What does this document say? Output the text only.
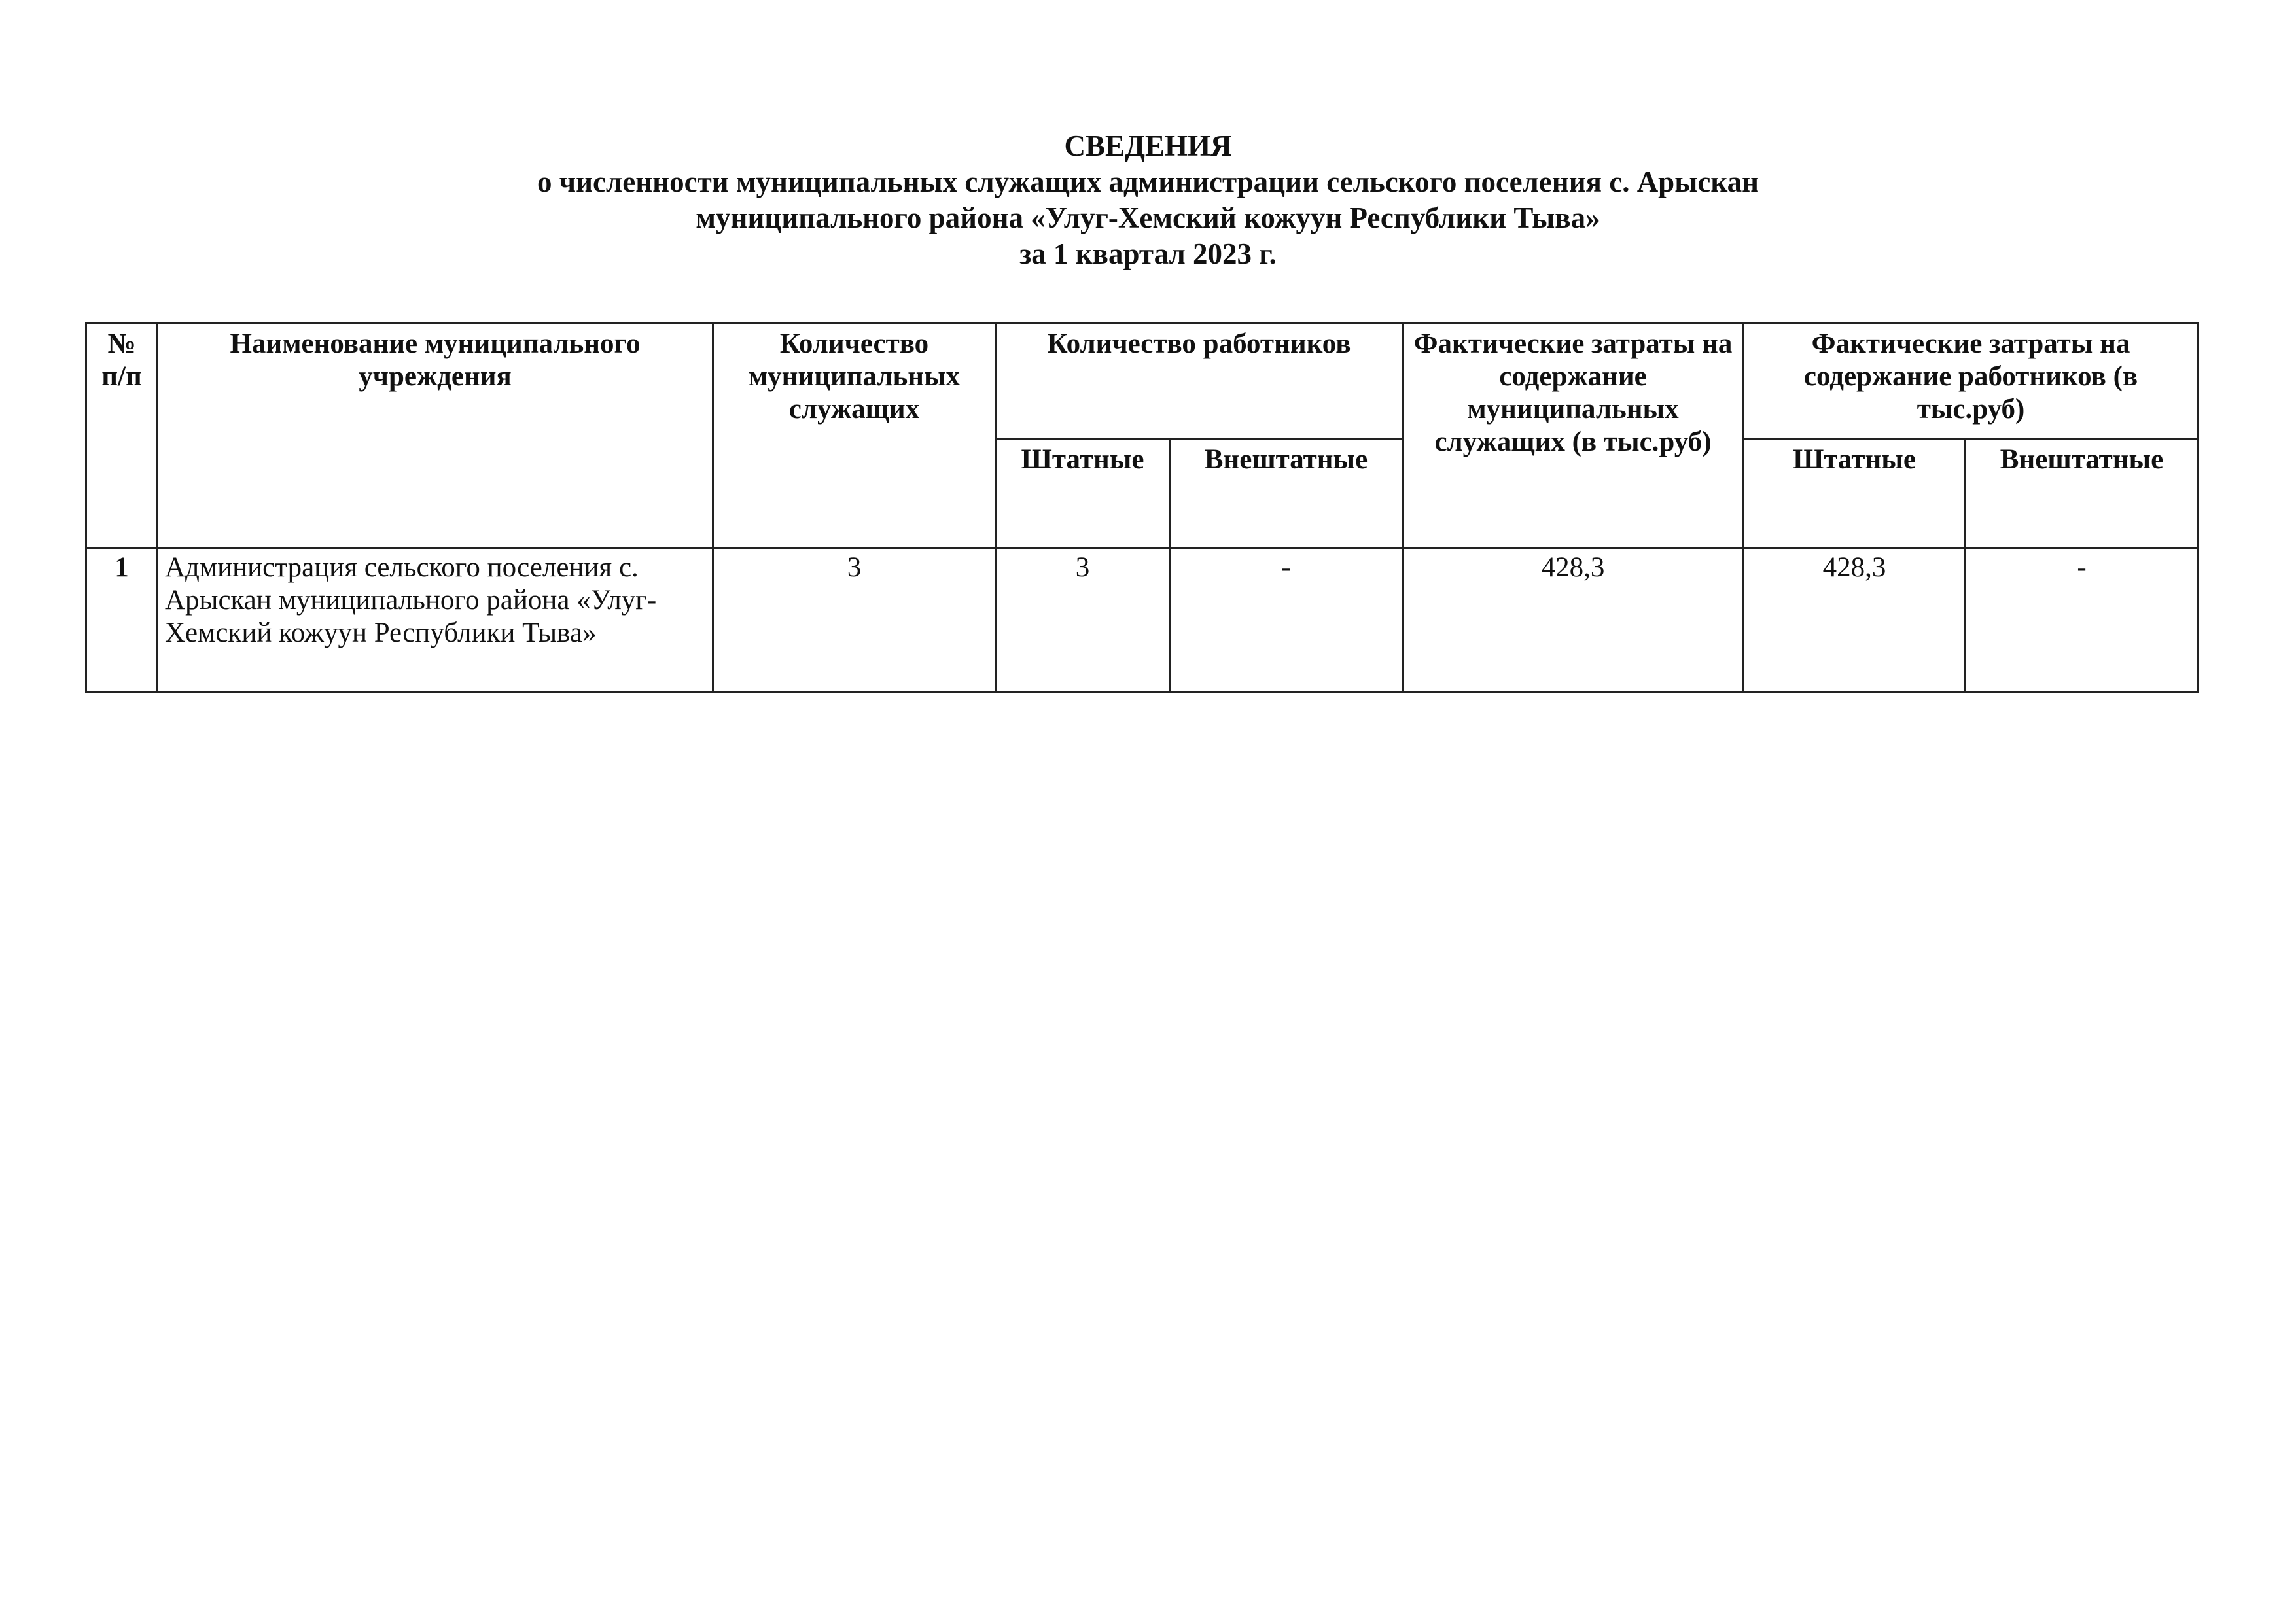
СВЕДЕНИЯ
о численности муниципальных служащих администрации сельского поселения с. Арыскан
муниципального района «Улуг-Хемский кожуун Республики Тыва»
за 1 квартал 2023 г.
№ п/п	Наименование муниципального учреждения	Количество муниципальных служащих	Количество работников		Фактические затраты на содержание муниципальных служащих (в тыс.руб)	Фактические затраты на содержание работников (в тыс.руб)	
			Штатные	Внештатные		Штатные	Внештатные
1	Администрация сельского поселения с. Арыскан муниципального района «Улуг-Хемский кожуун Республики Тыва»	3	3	-	428,3	428,3	-
